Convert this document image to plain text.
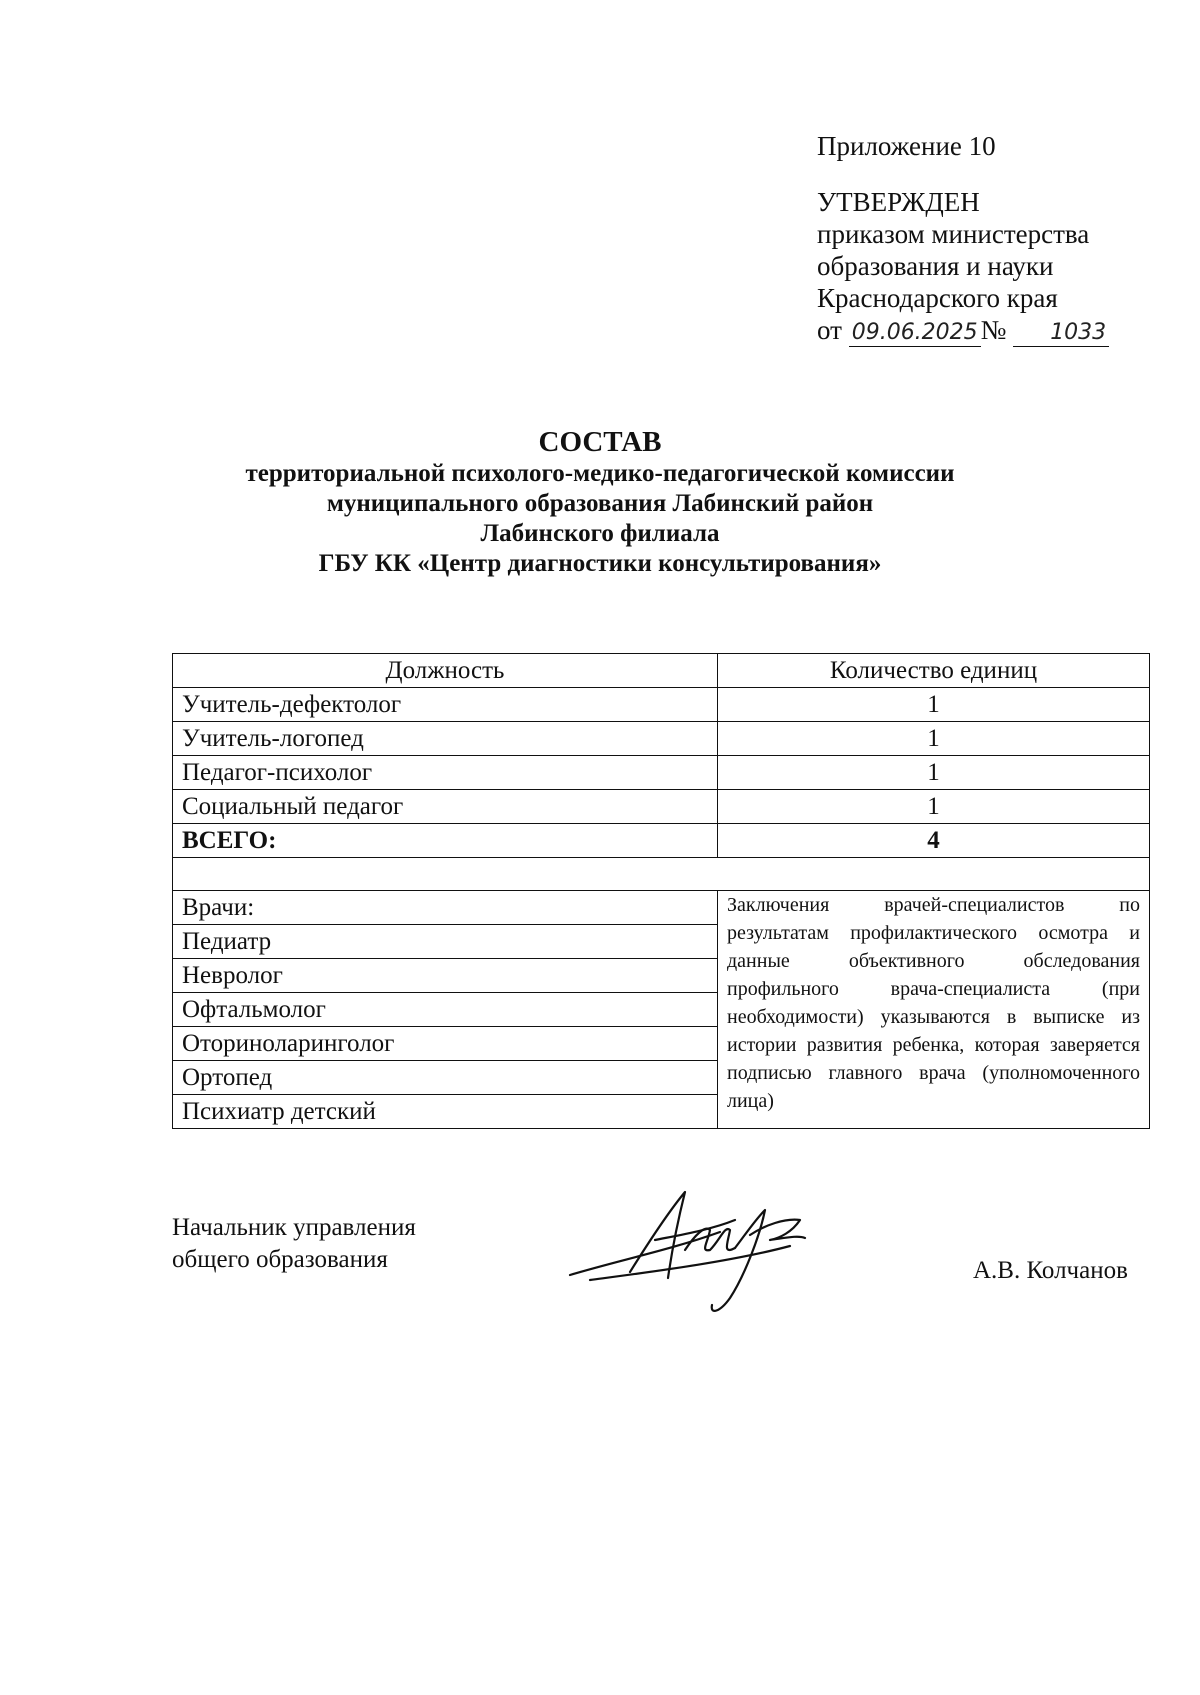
Приложение 10
УТВЕРЖДЕН
приказом министерства
образования и науки
Краснодарского края
от 09.06.2025 № 1033
СОСТАВ
территориальной психолого-медико-педагогической комиссии
муниципального образования Лабинский район
Лабинского филиала
ГБУ КК «Центр диагностики консультирования»
Должность	Количество единиц
Учитель-дефектолог	1
Учитель-логопед	1
Педагог-психолог	1
Социальный педагог	1
ВСЕГО:	4

Врачи:	Заключения врачей-специалистов по результатам профилактического осмотра и данные объективного обследования профильного врача-специалиста (при необходимости) указываются в выписке из истории развития ребенка, которая заверяется подписью главного врача (уполномоченного лица)
Педиатр	
Невролог	
Офтальмолог	
Оториноларинголог	
Ортопед	
Психиатр детский	
Начальник управления
общего образования	А.В. Колчанов
